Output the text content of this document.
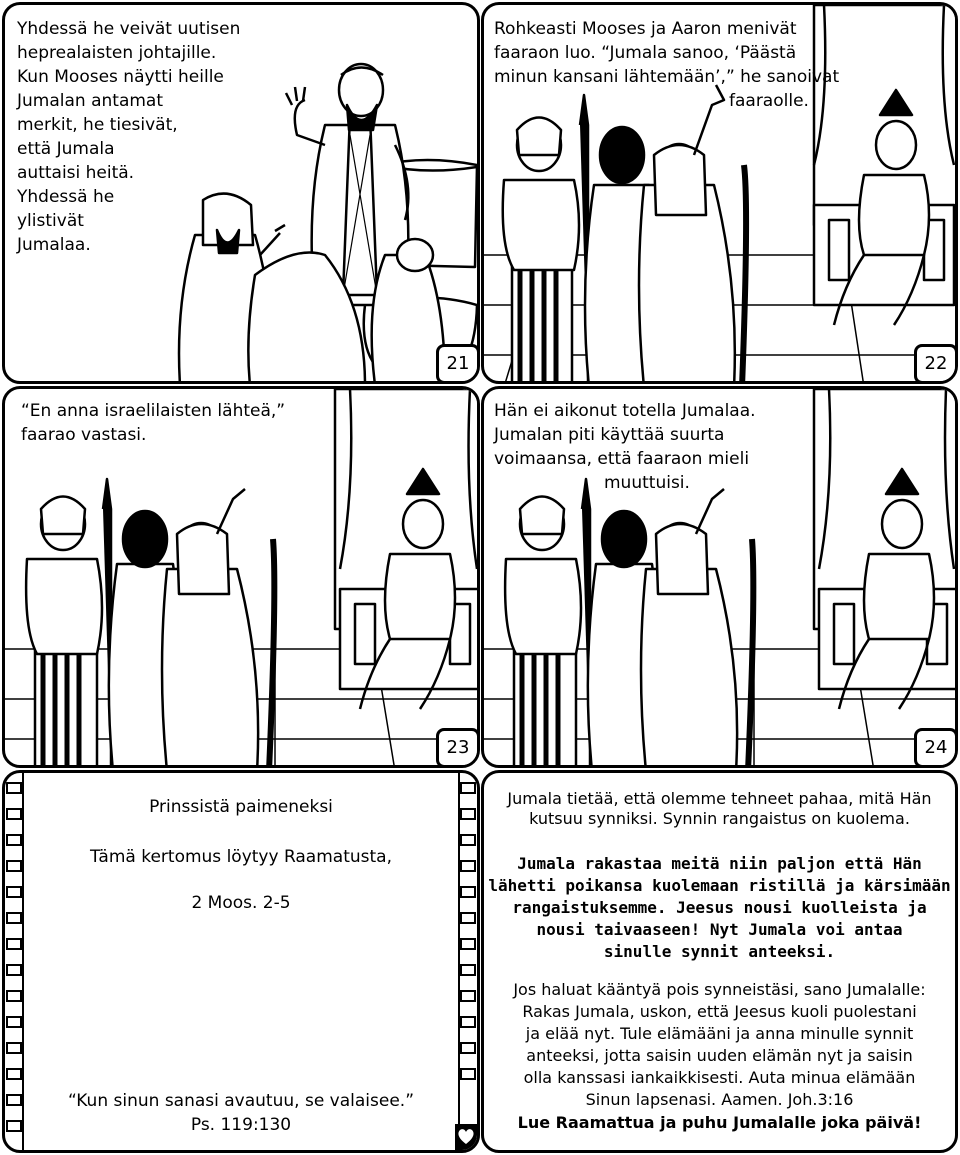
Yhdessä he veivät uutisen
heprealaisten johtajille.
Kun Mooses näytti heille
Jumalan antamat
merkit, he tiesivät,
että Jumala
auttaisi heitä.
Yhdessä he
ylistivät
Jumalaa.
21
Rohkeasti Mooses ja Aaron menivät
faaraon luo. “Jumala sanoo, ‘Päästä
minun kansani lähtemään’,” he sanoivat
faaraolle.
22
“En anna israelilaisten lähteä,”
faarao vastasi.
23
Hän ei aikonut totella Jumalaa.
Jumalan piti käyttää suurta
voimaansa, että faaraon mieli
muuttuisi.
24
Prinssistä paimeneksi
Tämä kertomus löytyy Raamatusta,
2 Moos. 2-5
“Kun sinun sanasi avautuu, se valaisee.”
Ps. 119:130
Jumala tietää, että olemme tehneet pahaa, mitä Hän
kutsuu synniksi. Synnin rangaistus on kuolema.
Jumala rakastaa meitä niin paljon että Hän
lähetti poikansa kuolemaan ristillä ja kärsimään
rangaistuksemme. Jeesus nousi kuolleista ja
nousi taivaaseen! Nyt Jumala voi antaa
sinulle synnit anteeksi.
Jos haluat kääntyä pois synneistäsi, sano Jumalalle:
Rakas Jumala, uskon, että Jeesus kuoli puolestani
ja elää nyt. Tule elämääni ja anna minulle synnit
anteeksi, jotta saisin uuden elämän nyt ja saisin
olla kanssasi iankaikkisesti. Auta minua elämään
Sinun lapsenasi. Aamen. Joh.3:16
Lue Raamattua ja puhu Jumalalle joka päivä!
